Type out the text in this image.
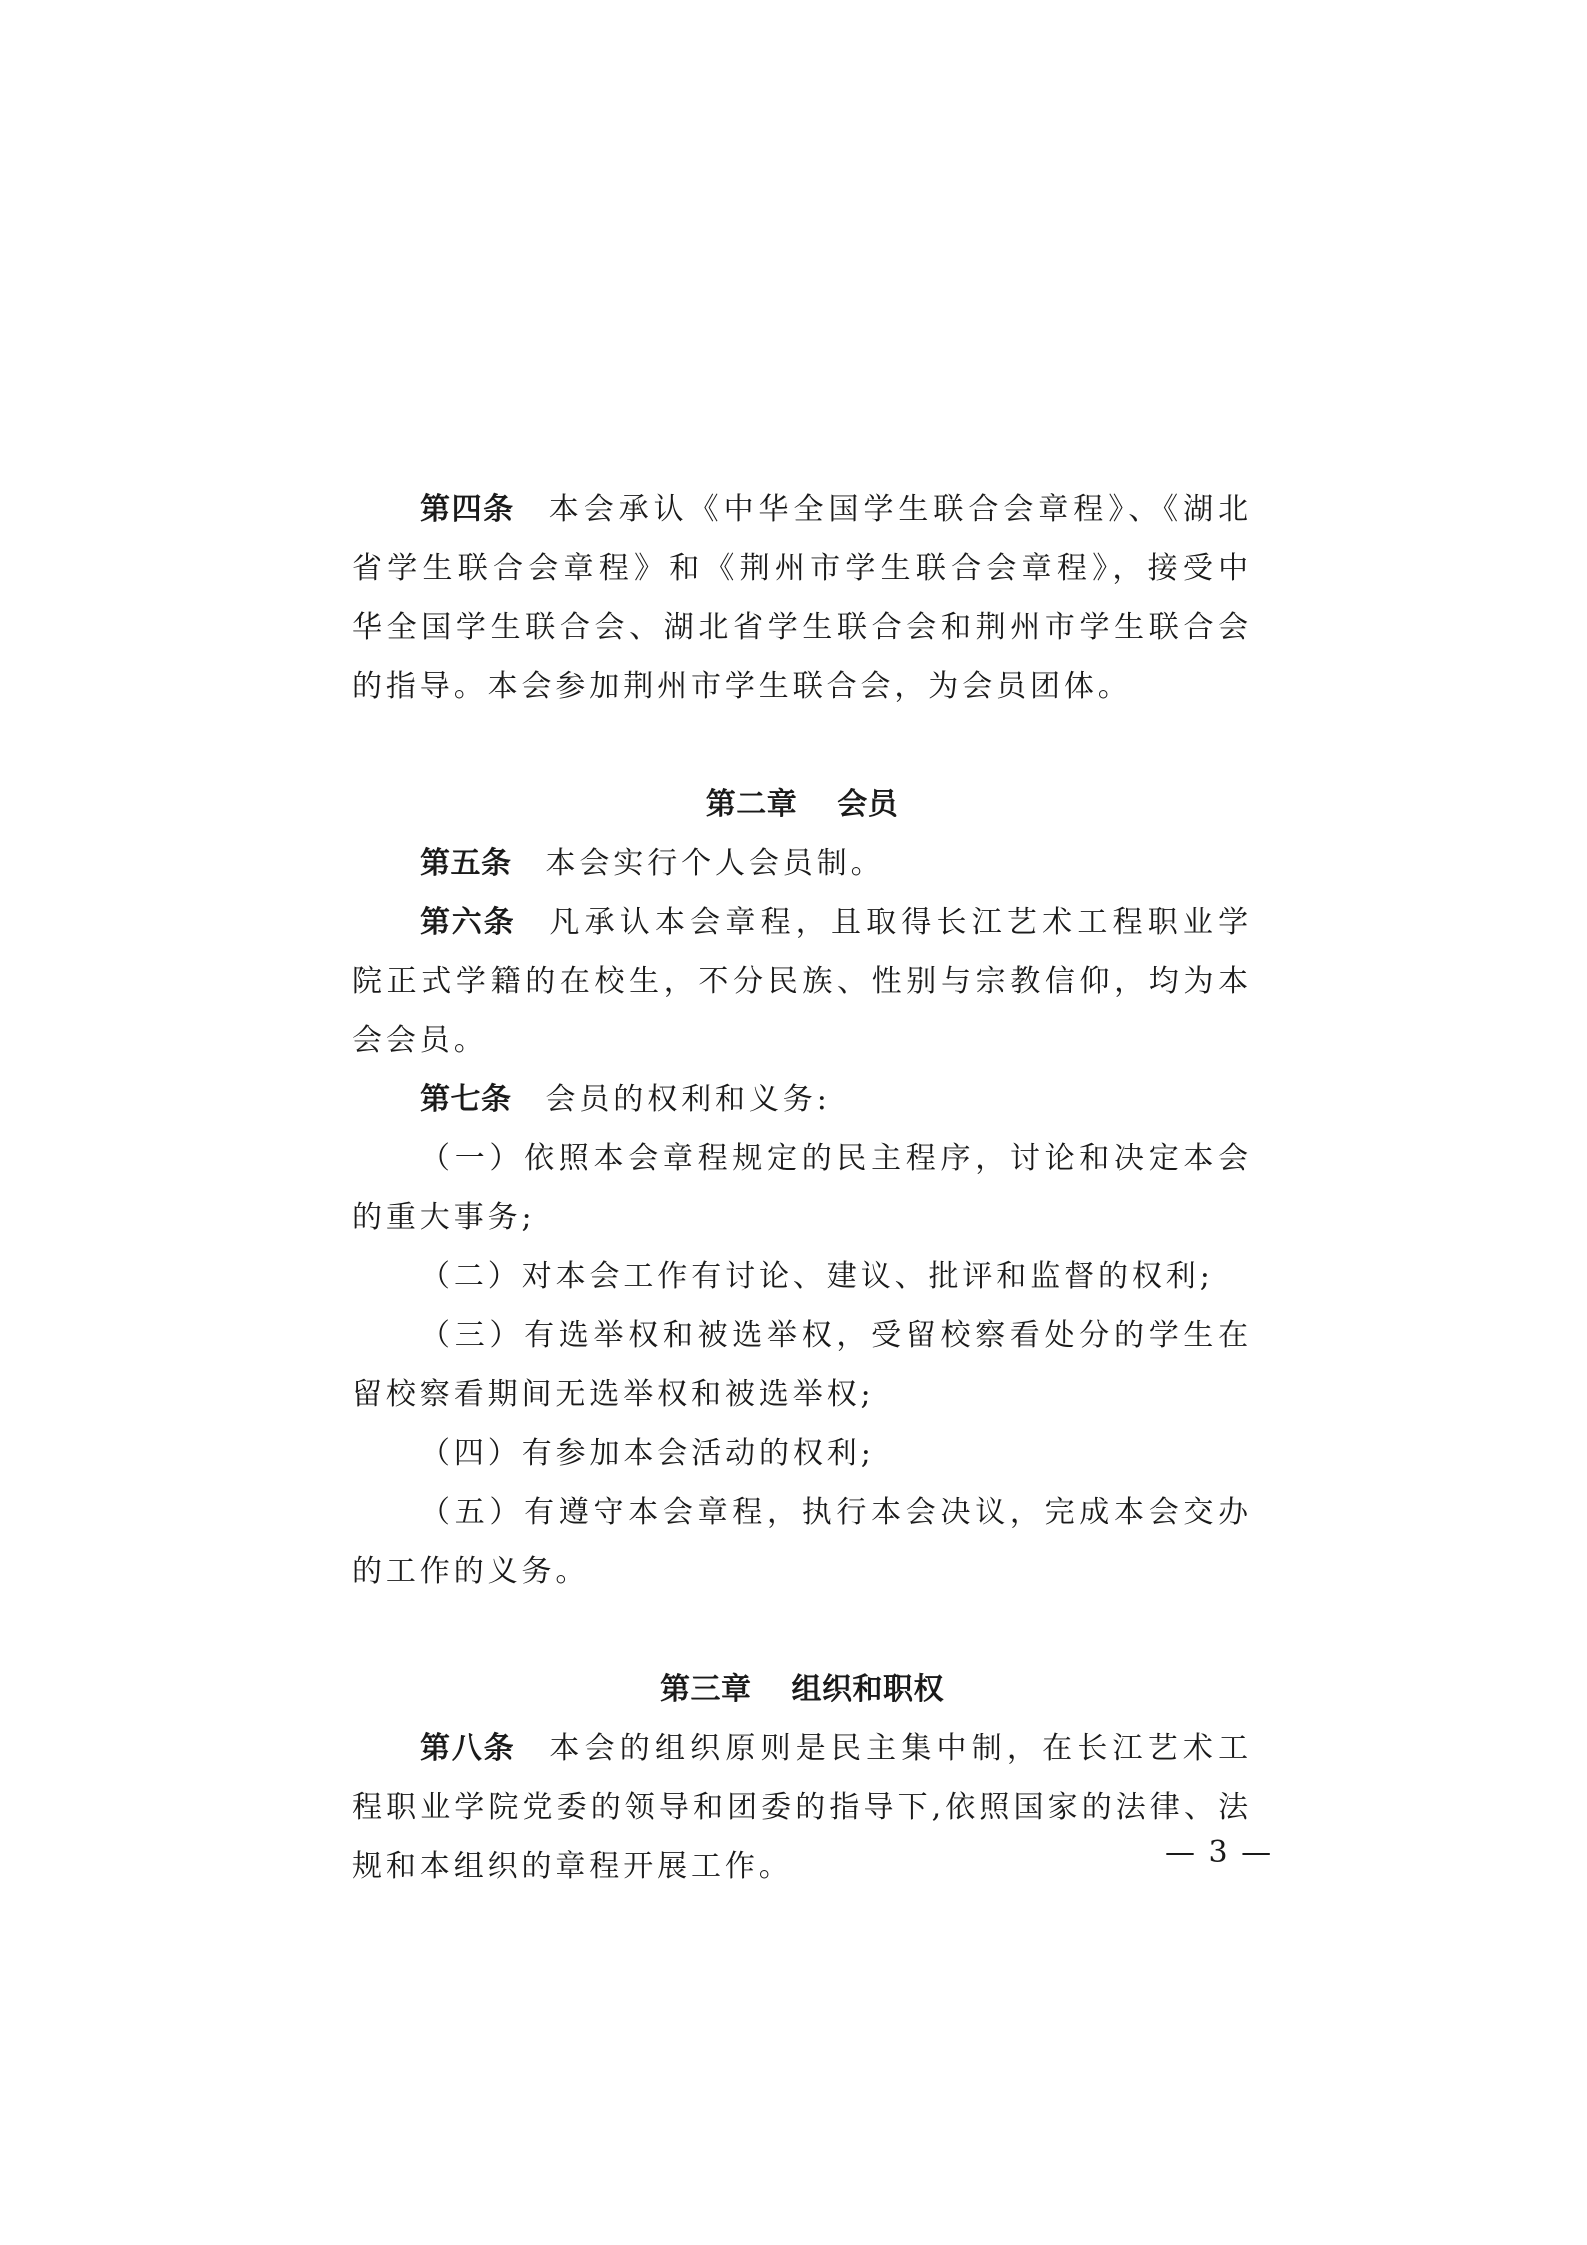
第四条 本会承认《中华全国学生联合会章程》、《湖北省学生联合会章程》和《荆州市学生联合会章程》，接受中华全国学生联合会、湖北省学生联合会和荆州市学生联合会的指导。本会参加荆州市学生联合会，为会员团体。

第二章 会员

第五条 本会实行个人会员制。

第六条 凡承认本会章程，且取得长江艺术工程职业学院正式学籍的在校生，不分民族、性别与宗教信仰，均为本会会员。

第七条 会员的权利和义务:

（一）依照本会章程规定的民主程序，讨论和决定本会的重大事务;

（二）对本会工作有讨论、建议、批评和监督的权利;

（三）有选举权和被选举权，受留校察看处分的学生在留校察看期间无选举权和被选举权;

（四）有参加本会活动的权利;

（五）有遵守本会章程，执行本会决议，完成本会交办的工作的义务。

第三章 组织和职权

第八条 本会的组织原则是民主集中制，在长江艺术工程职业学院党委的领导和团委的指导下,依照国家的法律、法规和本组织的章程开展工作。	— 3 —
